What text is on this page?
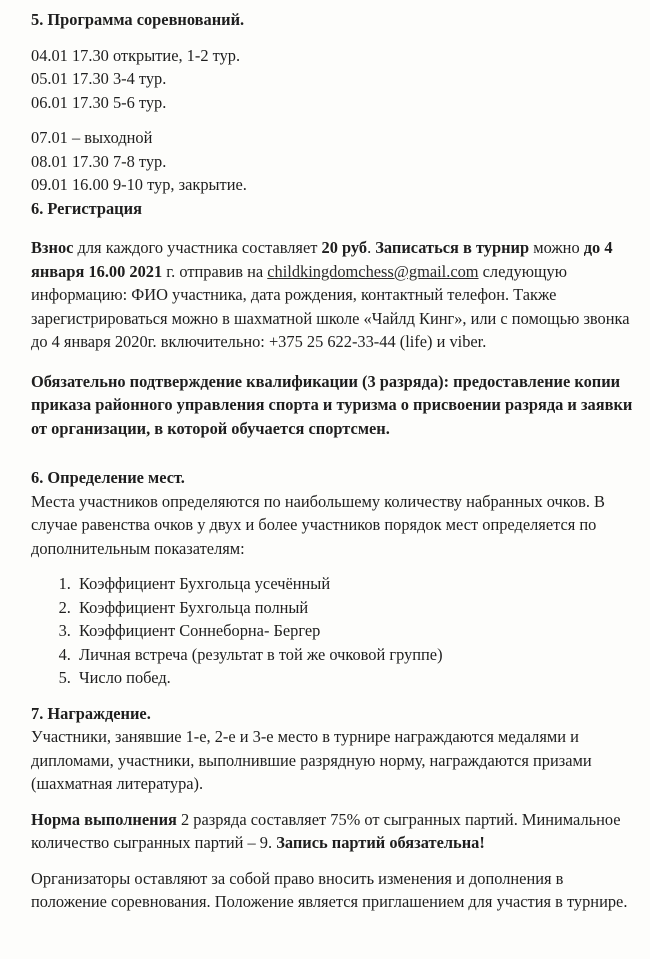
5. Программа соревнований.

04.01 17.30 открытие, 1-2 тур.

05.01 17.30 3-4 тур.

06.01 17.30 5-6 тур.

07.01 – выходной

08.01 17.30 7-8 тур.

09.01 16.00 9-10 тур, закрытие.

6. Регистрация

Взнос для каждого участника составляет 20 руб. Записаться в турнир можно до 4 января 16.00 2021 г. отправив на childkingdomchess@gmail.com следующую информацию: ФИО участника, дата рождения, контактный телефон. Также зарегистрироваться можно в шахматной школе «Чайлд Кинг», или с помощью звонка до 4 января 2020г. включительно: +375 25 622-33-44 (life) и viber.

Обязательно подтверждение квалификации (3 разряда): предоставление копии приказа районного управления спорта и туризма о присвоении разряда и заявки от организации, в которой обучается спортсмен.

6. Определение мест.

Места участников определяются по наибольшему количеству набранных очков. В случае равенства очков у двух и более участников порядок мест определяется по дополнительным показателям:

1. Коэффициент Бухгольца усечённый
2. Коэффициент Бухгольца полный
3. Коэффициент Соннеборна- Бергер
4. Личная встреча (результат в той же очковой группе)
5. Число побед.
7. Награждение.

Участники, занявшие 1-е, 2-е и 3-е место в турнире награждаются медалями и дипломами, участники, выполнившие разрядную норму, награждаются призами (шахматная литература).

Норма выполнения 2 разряда составляет 75% от сыгранных партий. Минимальное количество сыгранных партий – 9. Запись партий обязательна!

Организаторы оставляют за собой право вносить изменения и дополнения в положение соревнования. Положение является приглашением для участия в турнире.
